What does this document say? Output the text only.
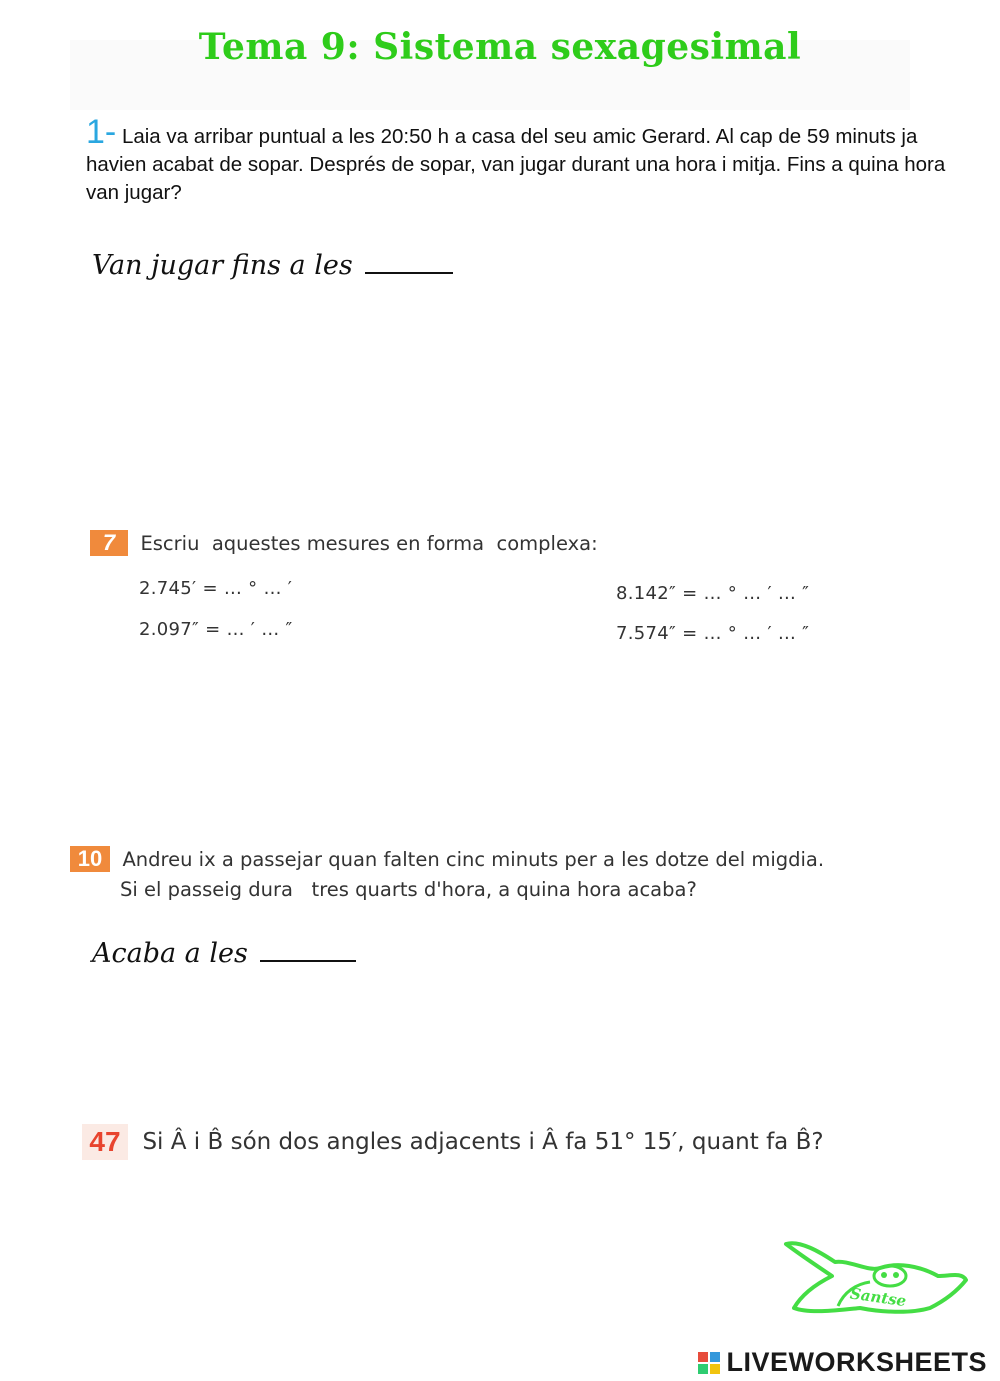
Tema 9: Sistema sexagesimal
1- Laia va arribar puntual a les 20:50 h a casa del seu amic Gerard. Al cap de 59 minuts ja havien acabat de sopar. Després de sopar, van jugar durant una hora i mitja. Fins a quina hora van jugar?
Van jugar fins a les
7 Escriu  aquestes mesures en forma  complexa:
2.745′ = … ° … ′
2.097″ = … ′ … ″
8.142″ = … ° … ′ … ″
7.574″ = … ° … ′ … ″
10 Andreu ix a passejar quan falten cinc minuts per a les dotze del migdia.
Si el passeig dura   tres quarts d'hora, a quina hora acaba?
Acaba a les
47 Si Â i B̂ són dos angles adjacents i Â fa 51° 15′, quant fa B̂?
Santse
LIVEWORKSHEETS
